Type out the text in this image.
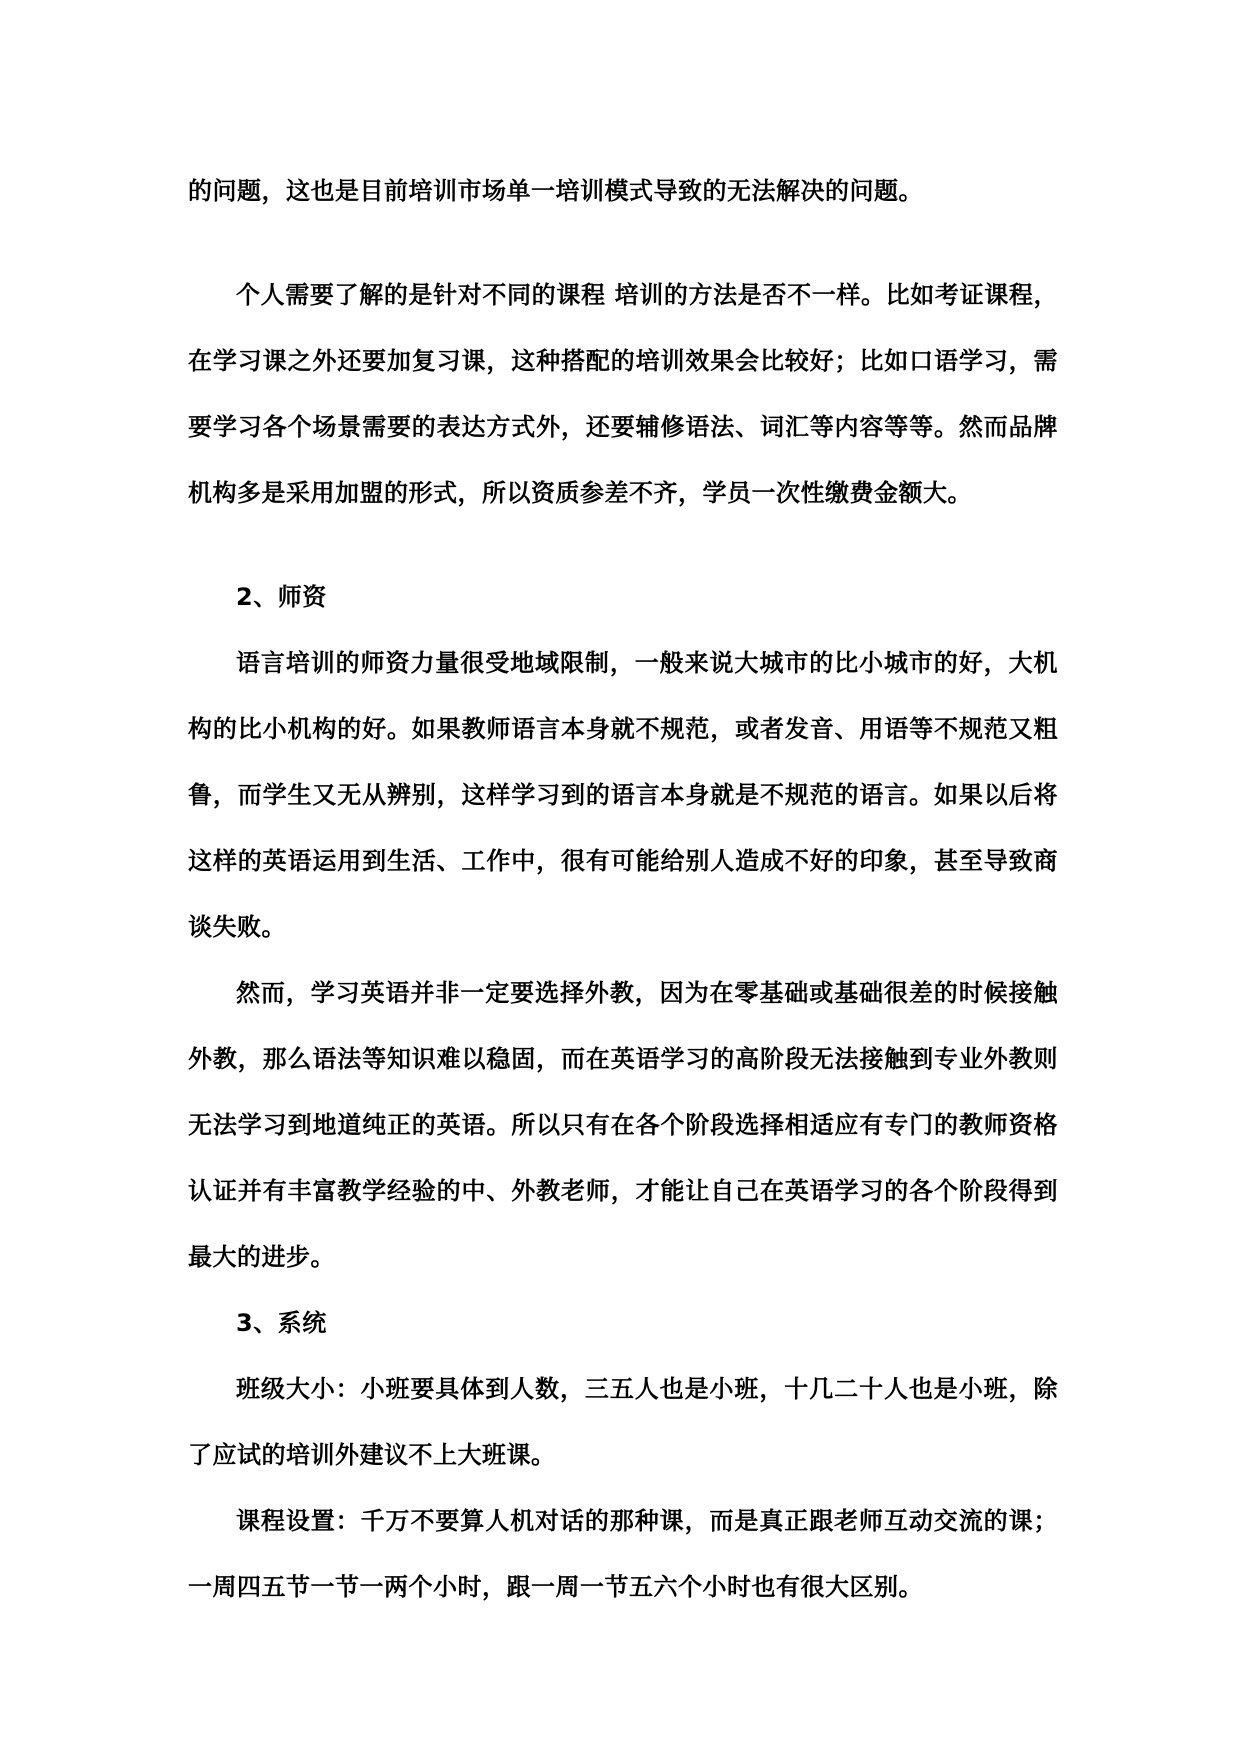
的问题，这也是目前培训市场单一培训模式导致的无法解决的问题。

个人需要了解的是针对不同的课程 培训的方法是否不一样。比如考证课程，在学习课之外还要加复习课，这种搭配的培训效果会比较好；比如口语学习，需要学习各个场景需要的表达方式外，还要辅修语法、词汇等内容等等。然而品牌机构多是采用加盟的形式，所以资质参差不齐，学员一次性缴费金额大。

2、师资

语言培训的师资力量很受地域限制，一般来说大城市的比小城市的好，大机构的比小机构的好。如果教师语言本身就不规范，或者发音、用语等不规范又粗鲁，而学生又无从辨别，这样学习到的语言本身就是不规范的语言。如果以后将这样的英语运用到生活、工作中，很有可能给别人造成不好的印象，甚至导致商谈失败。

然而，学习英语并非一定要选择外教，因为在零基础或基础很差的时候接触外教，那么语法等知识难以稳固，而在英语学习的高阶段无法接触到专业外教则无法学习到地道纯正的英语。所以只有在各个阶段选择相适应有专门的教师资格认证并有丰富教学经验的中、外教老师，才能让自己在英语学习的各个阶段得到最大的进步。

3、系统

班级大小：小班要具体到人数，三五人也是小班，十几二十人也是小班，除了应试的培训外建议不上大班课。

课程设置：千万不要算人机对话的那种课，而是真正跟老师互动交流的课；一周四五节一节一两个小时，跟一周一节五六个小时也有很大区别。
